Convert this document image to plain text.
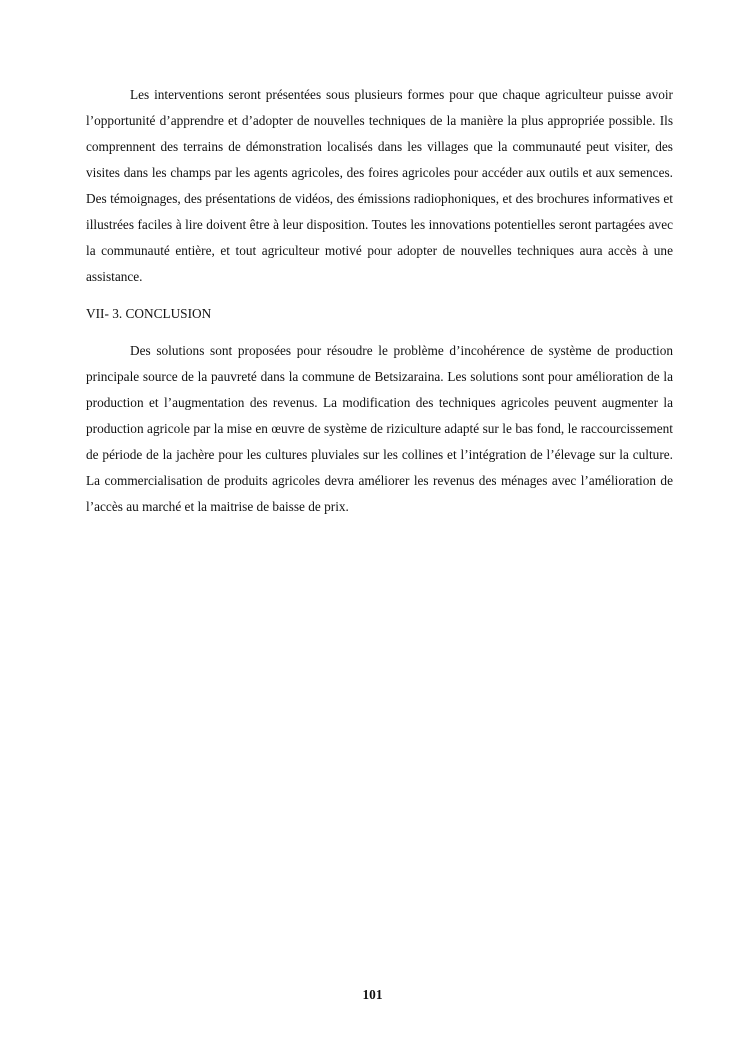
Les interventions seront présentées sous plusieurs formes pour que chaque agriculteur puisse avoir l’opportunité d’apprendre et d’adopter de nouvelles techniques de la manière la plus appropriée possible. Ils comprennent des terrains de démonstration localisés dans les villages que la communauté peut visiter, des visites dans les champs par les agents agricoles, des foires agricoles pour accéder aux outils et aux semences. Des témoignages, des présentations de vidéos, des émissions radiophoniques, et des brochures informatives et illustrées faciles à lire doivent être à leur disposition. Toutes les innovations potentielles seront partagées avec la communauté entière, et tout agriculteur motivé pour adopter de nouvelles techniques aura accès à une assistance.

VII- 3. CONCLUSION

Des solutions sont proposées pour résoudre le problème d’incohérence de système de production principale source de la pauvreté dans la commune de Betsizaraina. Les solutions sont pour amélioration de la production et l’augmentation des revenus. La modification des techniques agricoles peuvent augmenter la production agricole par la mise en œuvre de système de riziculture adapté sur le bas fond, le raccourcissement de période de la jachère pour les cultures pluviales sur les collines et l’intégration de l’élevage sur la culture. La commercialisation de produits agricoles devra améliorer les revenus des ménages avec l’amélioration de l’accès au marché et la maitrise de baisse de prix.

101
